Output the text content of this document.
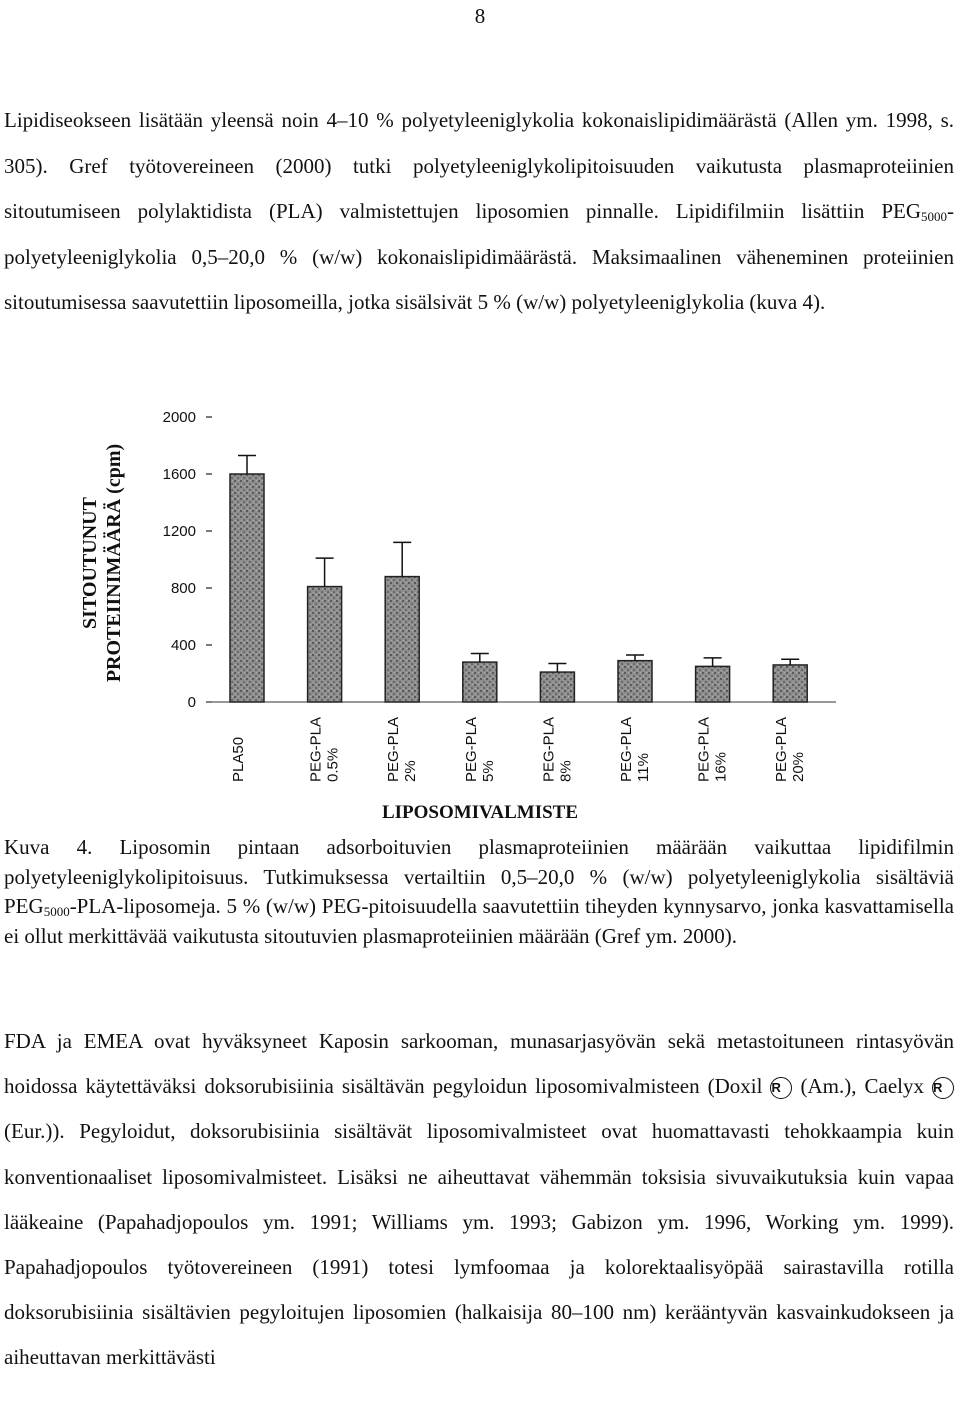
8

Lipidiseokseen lisätään yleensä noin 4–10 % polyetyleeniglykolia kokonaislipidimäärästä (Allen ym. 1998, s. 305). Gref työtovereineen (2000) tutki polyetyleeniglykolipitoisuuden vaikutusta plasmaproteiinien sitoutumiseen polylaktidista (PLA) valmistettujen liposomien pinnalle. Lipidifilmiin lisättiin $PEG_{5000}$-polyetyleeniglykolia 0,5–20,0 % (w/w) kokonaislipidimäärästä. Maksimaalinen väheneminen proteiinien sitoutumisessa saavutettiin liposomeilla, jotka sisälsivät 5 % (w/w) polyetyleeniglykolia (kuva 4).

SITOUTUNUT PROTEIINIMÄÄRÄ (cpm)
0
400
800
1200
1600
2000
PLA50	PEG-PLA 0.5%	PEG-PLA 2%	PEG-PLA 5%	PEG-PLA 8%	PEG-PLA 11%	PEG-PLA 16%	PEG-PLA 20%
LIPOSOMIVALMISTE

Kuva 4. Liposomin pintaan adsorboituvien plasmaproteiinien määrään vaikuttaa lipidifilmin polyetyleeniglykolipitoisuus. Tutkimuksessa vertailtiin 0,5–20,0 % (w/w) polyetyleeniglykolia sisältäviä $PEG_{5000}-PLA$-liposomeja. 5 % (w/w) PEG-pitoisuudella saavutettiin tiheyden kynnysarvo, jonka kasvattamisella ei ollut merkittävää vaikutusta sitoutuvien plasmaproteiinien määrään (Gref ym. 2000).

FDA ja EMEA ovat hyväksyneet Kaposin sarkooman, munasarjasyövän sekä metastoituneen rintasyövän hoidossa käytettäväksi doksorubisiinia sisältävän pegyloidun liposomivalmisteen (Doxil R (Am.), Caelyx R (Eur.)). Pegyloidut, doksorubisiinia sisältävät liposomivalmisteet ovat huomattavasti tehokkaampia kuin konventionaaliset liposomivalmisteet. Lisäksi ne aiheuttavat vähemmän toksisia sivuvaikutuksia kuin vapaa lääkeaine (Papahadjopoulos ym. 1991; Williams ym. 1993; Gabizon ym. 1996, Working ym. 1999). Papahadjopoulos työtovereineen (1991) totesi lymfoomaa ja kolorektaalisyöpää sairastavilla rotilla doksorubisiinia sisältävien pegyloitujen liposomien (halkaisija 80–100 nm) kerääntyvän kasvainkudokseen ja aiheuttavan merkittävästi
